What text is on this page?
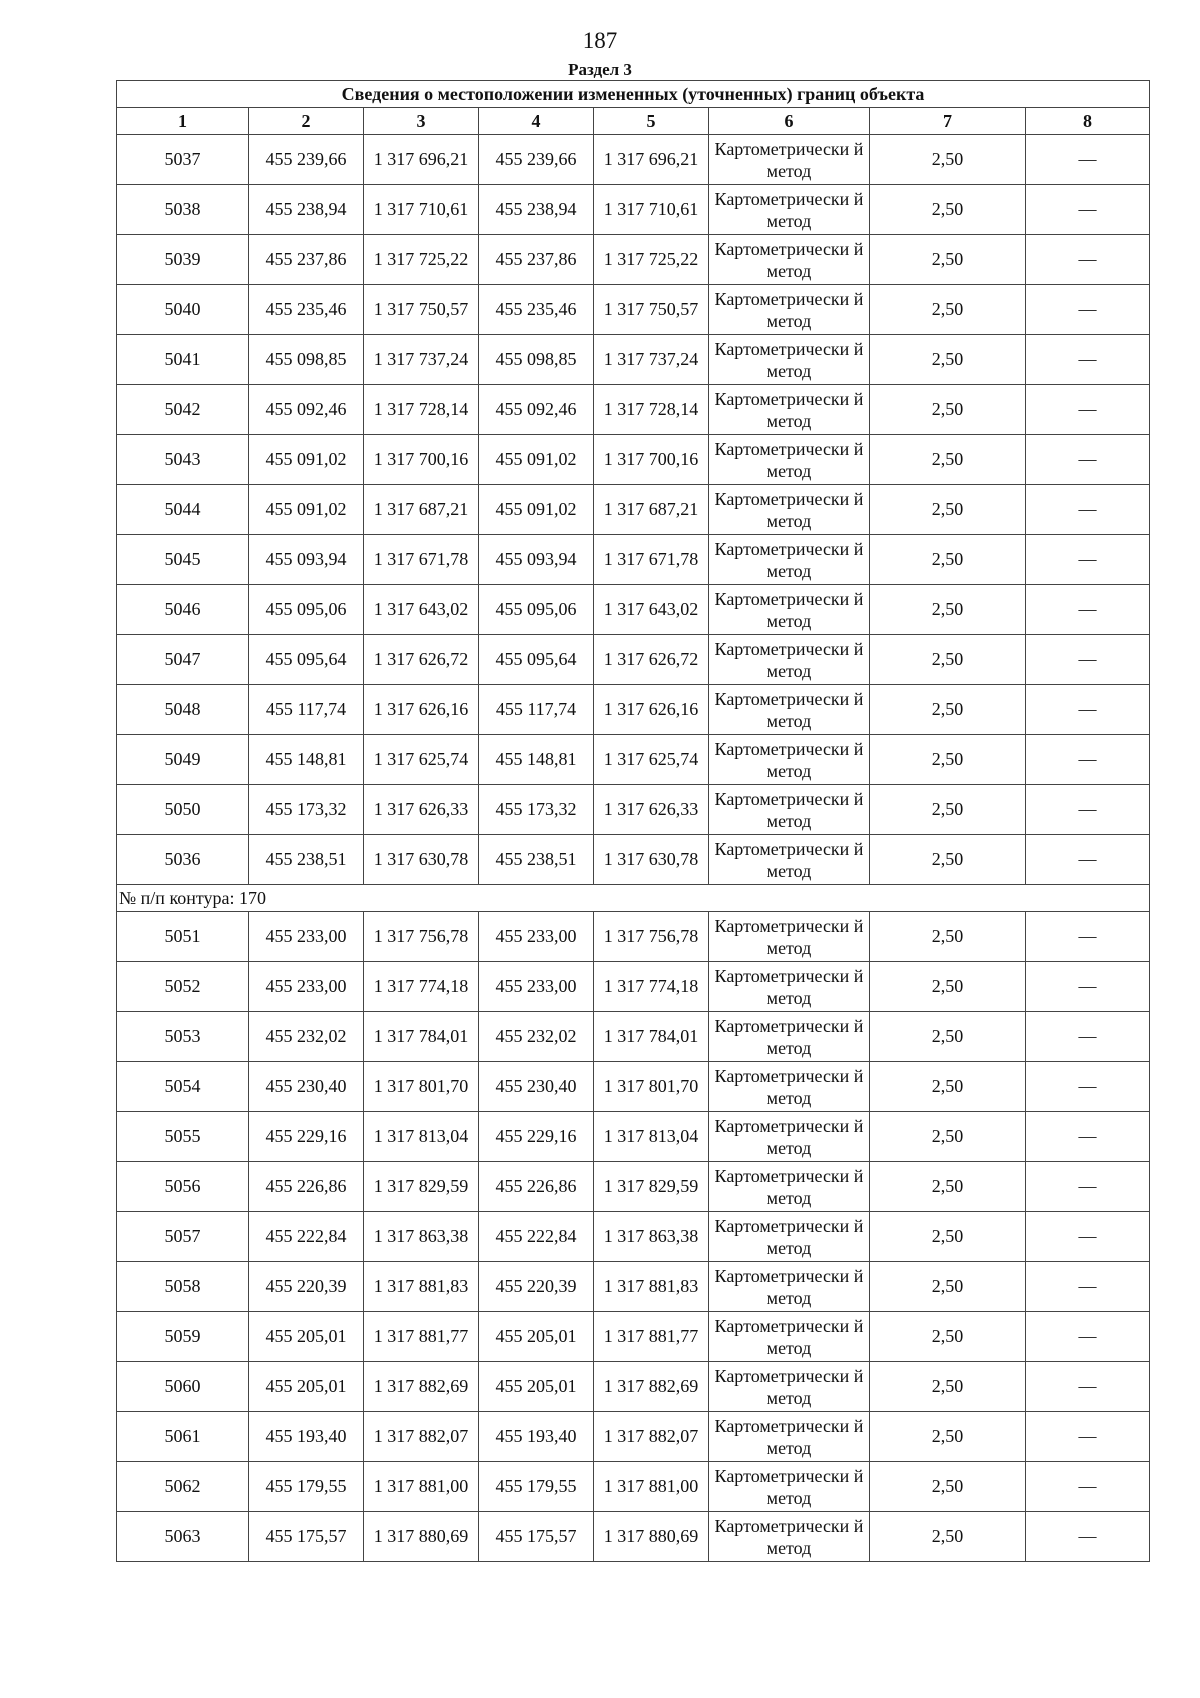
187
Раздел 3
Сведения о местоположении измененных (уточненных) границ объекта							
1	2	3	4	5	6	7	8
5037	455 239,66	1 317 696,21	455 239,66	1 317 696,21	Картометрически й метод	2,50	—
5038	455 238,94	1 317 710,61	455 238,94	1 317 710,61	Картометрически й метод	2,50	—
5039	455 237,86	1 317 725,22	455 237,86	1 317 725,22	Картометрически й метод	2,50	—
5040	455 235,46	1 317 750,57	455 235,46	1 317 750,57	Картометрически й метод	2,50	—
5041	455 098,85	1 317 737,24	455 098,85	1 317 737,24	Картометрически й метод	2,50	—
5042	455 092,46	1 317 728,14	455 092,46	1 317 728,14	Картометрически й метод	2,50	—
5043	455 091,02	1 317 700,16	455 091,02	1 317 700,16	Картометрически й метод	2,50	—
5044	455 091,02	1 317 687,21	455 091,02	1 317 687,21	Картометрически й метод	2,50	—
5045	455 093,94	1 317 671,78	455 093,94	1 317 671,78	Картометрически й метод	2,50	—
5046	455 095,06	1 317 643,02	455 095,06	1 317 643,02	Картометрически й метод	2,50	—
5047	455 095,64	1 317 626,72	455 095,64	1 317 626,72	Картометрически й метод	2,50	—
5048	455 117,74	1 317 626,16	455 117,74	1 317 626,16	Картометрически й метод	2,50	—
5049	455 148,81	1 317 625,74	455 148,81	1 317 625,74	Картометрически й метод	2,50	—
5050	455 173,32	1 317 626,33	455 173,32	1 317 626,33	Картометрически й метод	2,50	—
5036	455 238,51	1 317 630,78	455 238,51	1 317 630,78	Картометрически й метод	2,50	—
№ п/п контура: 170							
5051	455 233,00	1 317 756,78	455 233,00	1 317 756,78	Картометрически й метод	2,50	—
5052	455 233,00	1 317 774,18	455 233,00	1 317 774,18	Картометрически й метод	2,50	—
5053	455 232,02	1 317 784,01	455 232,02	1 317 784,01	Картометрически й метод	2,50	—
5054	455 230,40	1 317 801,70	455 230,40	1 317 801,70	Картометрически й метод	2,50	—
5055	455 229,16	1 317 813,04	455 229,16	1 317 813,04	Картометрически й метод	2,50	—
5056	455 226,86	1 317 829,59	455 226,86	1 317 829,59	Картометрически й метод	2,50	—
5057	455 222,84	1 317 863,38	455 222,84	1 317 863,38	Картометрически й метод	2,50	—
5058	455 220,39	1 317 881,83	455 220,39	1 317 881,83	Картометрически й метод	2,50	—
5059	455 205,01	1 317 881,77	455 205,01	1 317 881,77	Картометрически й метод	2,50	—
5060	455 205,01	1 317 882,69	455 205,01	1 317 882,69	Картометрически й метод	2,50	—
5061	455 193,40	1 317 882,07	455 193,40	1 317 882,07	Картометрически й метод	2,50	—
5062	455 179,55	1 317 881,00	455 179,55	1 317 881,00	Картометрически й метод	2,50	—
5063	455 175,57	1 317 880,69	455 175,57	1 317 880,69	Картометрически й метод	2,50	—
